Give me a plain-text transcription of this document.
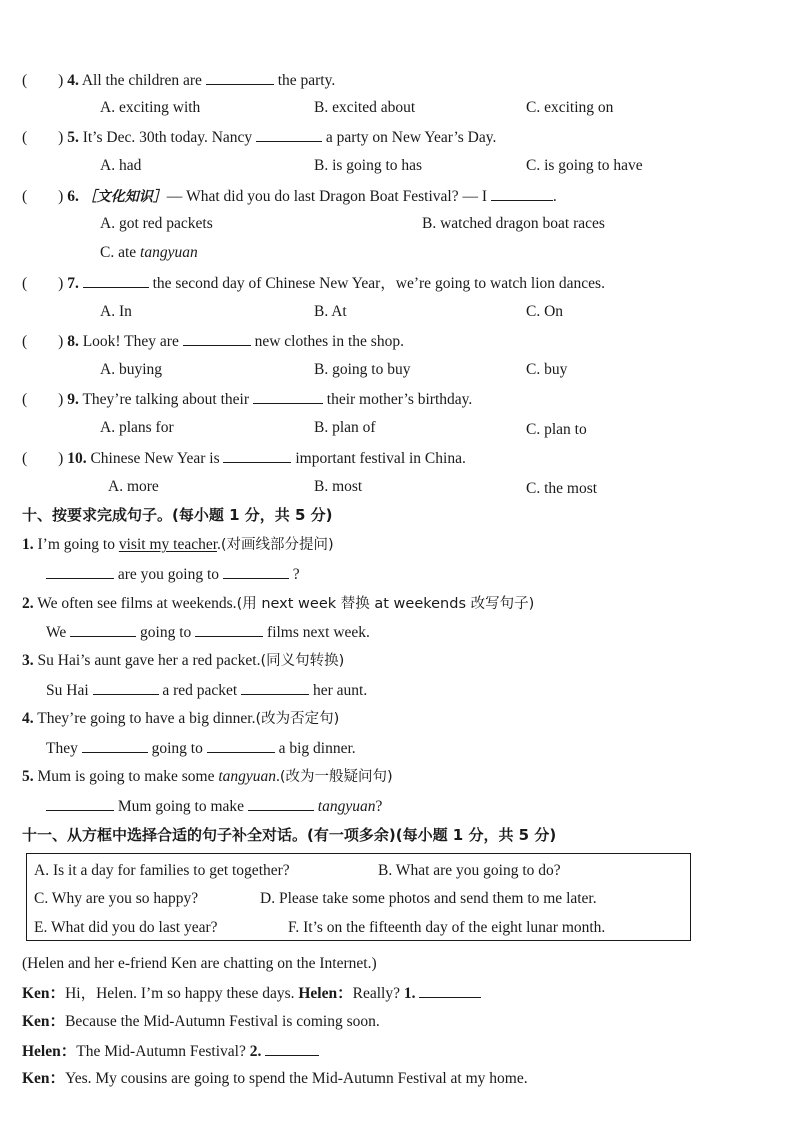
(        ) 4. All the children are	the party.
A. exciting with	B. excited about	C. exciting on
(        ) 5. It’s Dec. 30th today. Nancy	a party on New Year’s Day.
A. had	B. is going to has	C. is going to have
(        ) 6. ［文化知识］— What did you do last Dragon Boat Festival? — I	.
A. got red packets	B. watched dragon boat races
C. ate tangyuan
(        ) 7.	the second day of Chinese New Year，we’re going to watch lion dances.
A. In	B. At	C. On
(        ) 8. Look! They are	new clothes in the shop.
A. buying	B. going to buy	C. buy
(        ) 9. They’re talking about their	their mother’s birthday.
A. plans for	B. plan of	C. plan to
(        ) 10. Chinese New Year is	important festival in China.
A. more	B. most	C. the most
十、按要求完成句子。(每小题 1 分，共 5 分)
1. I’m going to visit my teacher.(对画线部分提问)
are you going to	?
2. We often see films at weekends.(用 next week 替换 at weekends 改写句子)
We	going to	films next week.
3. Su Hai’s aunt gave her a red packet.(同义句转换)
Su Hai	a red packet	her aunt.
4. They’re going to have a big dinner.(改为否定句)
They	going to	a big dinner.
5. Mum is going to make some tangyuan.(改为一般疑问句)
Mum going to make	tangyuan?
十一、从方框中选择合适的句子补全对话。(有一项多余)(每小题 1 分，共 5 分)
A. Is it a day for families to get together?	B. What are you going to do?
C. Why are you so happy?	D. Please take some photos and send them to me later.
E. What did you do last year?	F. It’s on the fifteenth day of the eight lunar month.
(Helen and her e-friend Ken are chatting on the Internet.)
Ken：Hi，Helen. I’m so happy these days. Helen：Really? 1.
Ken：Because the Mid-Autumn Festival is coming soon.
Helen：The Mid-Autumn Festival? 2.
Ken：Yes. My cousins are going to spend the Mid-Autumn Festival at my home.
